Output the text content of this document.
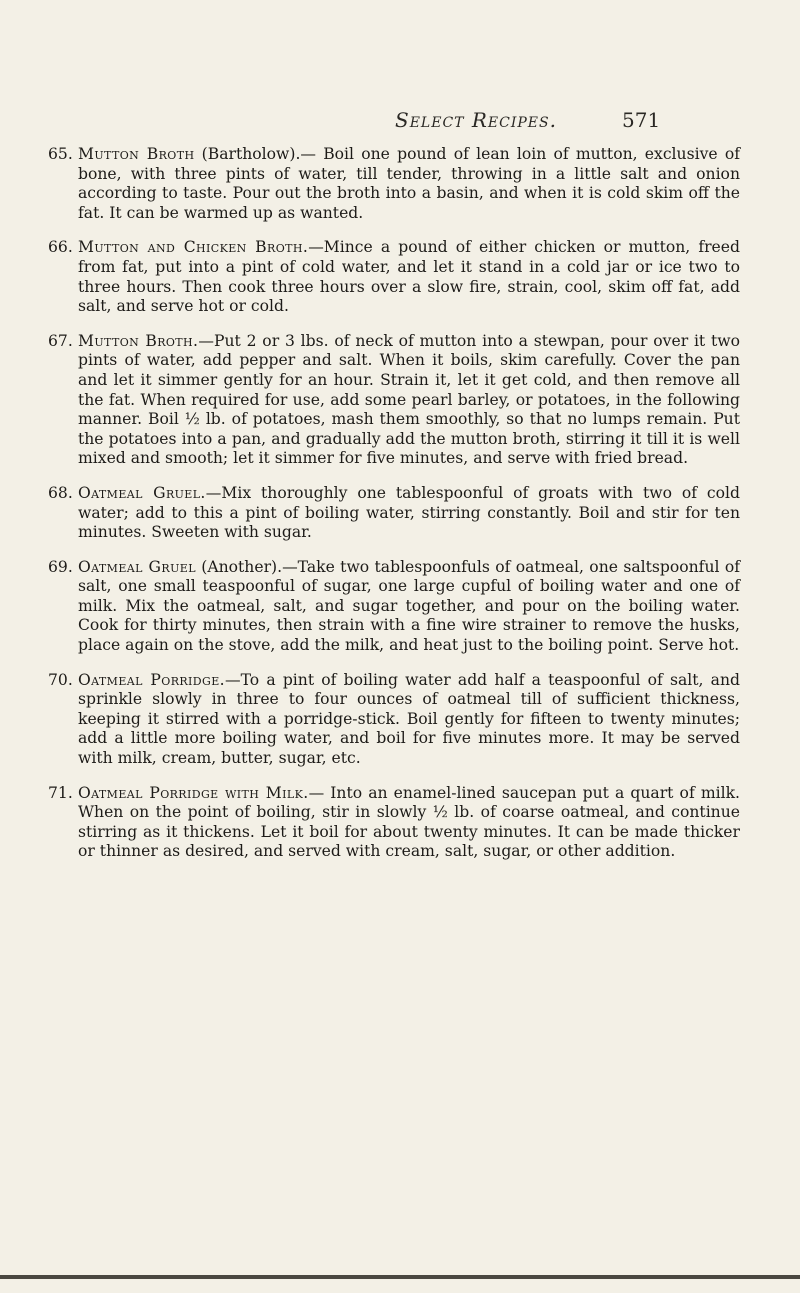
Select Recipes.	571
65. Mutton Broth (Bartholow).— Boil one pound of lean loin of mutton, exclusive of bone, with three pints of water, till tender, throwing in a little salt and onion according to taste. Pour out the broth into a basin, and when it is cold skim off the fat. It can be warmed up as wanted.
66. Mutton and Chicken Broth.—Mince a pound of either chicken or mutton, freed from fat, put into a pint of cold water, and let it stand in a cold jar or ice two to three hours. Then cook three hours over a slow fire, strain, cool, skim off fat, add salt, and serve hot or cold.
67. Mutton Broth.—Put 2 or 3 lbs. of neck of mutton into a stewpan, pour over it two pints of water, add pepper and salt. When it boils, skim carefully. Cover the pan and let it simmer gently for an hour. Strain it, let it get cold, and then remove all the fat. When required for use, add some pearl barley, or potatoes, in the following manner. Boil ½ lb. of potatoes, mash them smoothly, so that no lumps remain. Put the potatoes into a pan, and gradually add the mutton broth, stirring it till it is well mixed and smooth; let it simmer for five minutes, and serve with fried bread.
68. Oatmeal Gruel.—Mix thoroughly one tablespoonful of groats with two of cold water; add to this a pint of boiling water, stirring constantly. Boil and stir for ten minutes. Sweeten with sugar.
69. Oatmeal Gruel (Another).—Take two tablespoonfuls of oatmeal, one saltspoonful of salt, one small teaspoonful of sugar, one large cupful of boiling water and one of milk. Mix the oatmeal, salt, and sugar together, and pour on the boiling water. Cook for thirty minutes, then strain with a fine wire strainer to remove the husks, place again on the stove, add the milk, and heat just to the boiling point. Serve hot.
70. Oatmeal Porridge.—To a pint of boiling water add half a teaspoonful of salt, and sprinkle slowly in three to four ounces of oatmeal till of sufficient thickness, keeping it stirred with a porridge-stick. Boil gently for fifteen to twenty minutes; add a little more boiling water, and boil for five minutes more. It may be served with milk, cream, butter, sugar, etc.
71. Oatmeal Porridge with Milk.— Into an enamel-lined saucepan put a quart of milk. When on the point of boiling, stir in slowly ½ lb. of coarse oatmeal, and continue stirring as it thickens. Let it boil for about twenty minutes. It can be made thicker or thinner as desired, and served with cream, salt, sugar, or other addition.
